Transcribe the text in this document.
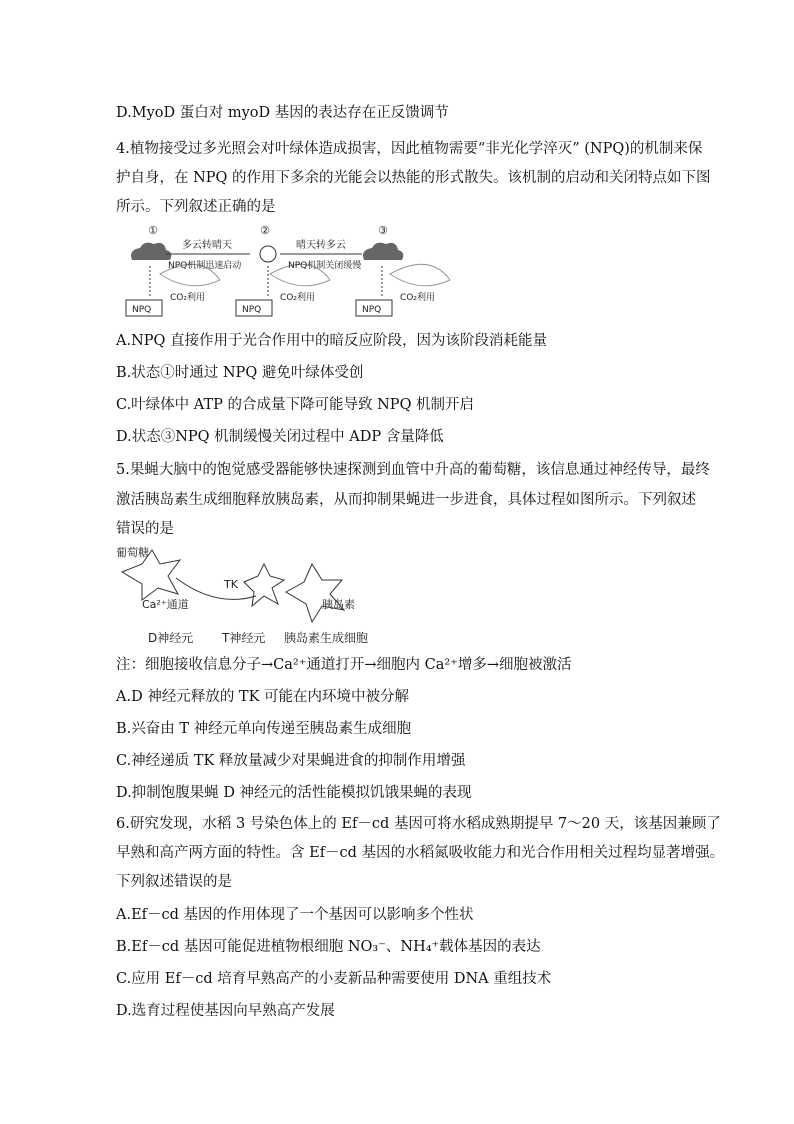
D.MyoD 蛋白对 myoD 基因的表达存在正反馈调节
4.植物接受过多光照会对叶绿体造成损害，因此植物需要“非光化学淬灭” (NPQ)的机制来保
护自身，在 NPQ 的作用下多余的光能会以热能的形式散失。该机制的启动和关闭特点如下图
所示。下列叙述正确的是
①
NPQ
CO₂利用
②
NPQ
CO₂利用
③
NPQ
CO₂利用
多云转晴天	晴天转多云
NPQ机制迅速启动	NPQ机制关闭缓慢
A.NPQ 直接作用于光合作用中的暗反应阶段，因为该阶段消耗能量
B.状态①时通过 NPQ 避免叶绿体受创
C.叶绿体中 ATP 的合成量下降可能导致 NPQ 机制开启
D.状态③NPQ 机制缓慢关闭过程中 ADP 含量降低
5.果蝇大脑中的饱觉感受器能够快速探测到血管中升高的葡萄糖，该信息通过神经传导，最终
激活胰岛素生成细胞释放胰岛素，从而抑制果蝇进一步进食，具体过程如图所示。下列叙述
错误的是
葡萄糖
Ca²⁺通道
TK
胰岛素
D神经元 T神经元 胰岛素生成细胞
注：细胞接收信息分子→Ca²⁺通道打开→细胞内 Ca²⁺增多→细胞被激活
A.D 神经元释放的 TK 可能在内环境中被分解
B.兴奋由 T 神经元单向传递至胰岛素生成细胞
C.神经递质 TK 释放量减少对果蝇进食的抑制作用增强
D.抑制饱腹果蝇 D 神经元的活性能模拟饥饿果蝇的表现
6.研究发现，水稻 3 号染色体上的 Ef－cd 基因可将水稻成熟期提早 7～20 天，该基因兼顾了
早熟和高产两方面的特性。含 Ef－cd 基因的水稻氮吸收能力和光合作用相关过程均显著增强。
下列叙述错误的是
A.Ef－cd 基因的作用体现了一个基因可以影响多个性状
B.Ef－cd 基因可能促进植物根细胞 NO₃⁻、NH₄⁺载体基因的表达
C.应用 Ef－cd 培育早熟高产的小麦新品种需要使用 DNA 重组技术
D.选育过程使基因向早熟高产发展
